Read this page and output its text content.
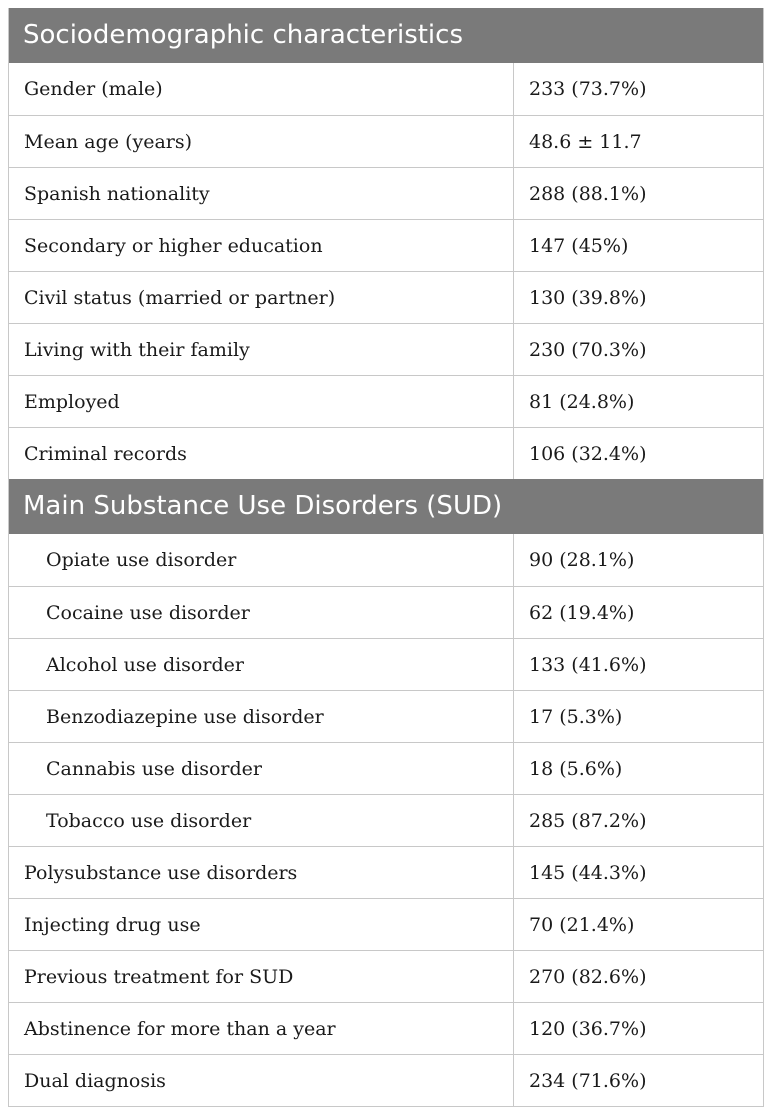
Sociodemographic characteristics
Gender (male)	233 (73.7%)
Mean age (years)	48.6 ± 11.7
Spanish nationality	288 (88.1%)
Secondary or higher education	147 (45%)
Civil status (married or partner)	130 (39.8%)
Living with their family	230 (70.3%)
Employed	81 (24.8%)
Criminal records	106 (32.4%)
Main Substance Use Disorders (SUD)
Opiate use disorder	90 (28.1%)
Cocaine use disorder	62 (19.4%)
Alcohol use disorder	133 (41.6%)
Benzodiazepine use disorder	17 (5.3%)
Cannabis use disorder	18 (5.6%)
Tobacco use disorder	285 (87.2%)
Polysubstance use disorders	145 (44.3%)
Injecting drug use	70 (21.4%)
Previous treatment for SUD	270 (82.6%)
Abstinence for more than a year	120 (36.7%)
Dual diagnosis	234 (71.6%)
